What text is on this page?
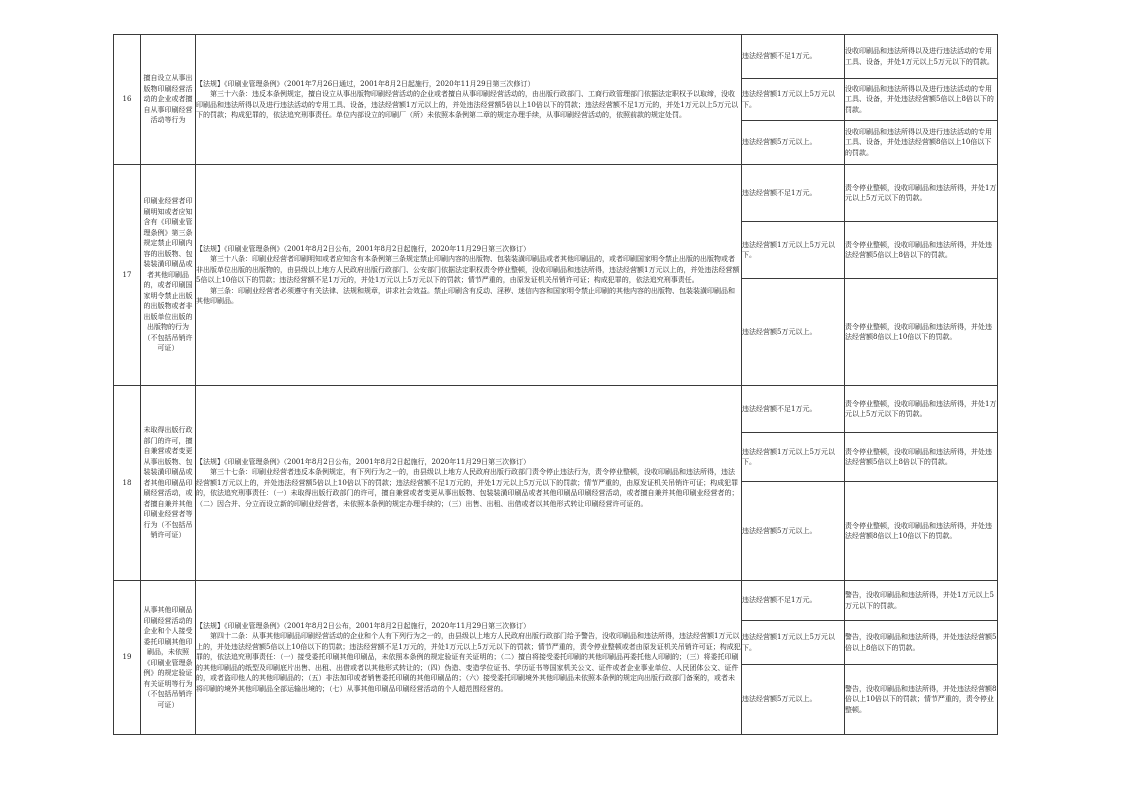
16	擅自设立从事出版物印刷经营活动的企业或者擅自从事印刷经营活动等行为	【法规】《印刷业管理条例》（2001年7月26日通过，2001年8月2日起施行，2020年11月29日第三次修订）
第三十六条：违反本条例规定，擅自设立从事出版物印刷经营活动的企业或者擅自从事印刷经营活动的，由出版行政部门、工商行政管理部门依据法定职权予以取缔，没收印刷品和违法所得以及进行违法活动的专用工具、设备，违法经营额1万元以上的，并处违法经营额5倍以上10倍以下的罚款；违法经营额不足1万元的，并处1万元以上5万元以下的罚款；构成犯罪的，依法追究刑事责任。单位内部设立的印刷厂（所）未依照本条例第二章的规定办理手续，从事印刷经营活动的，依照前款的规定处罚。	违法经营额不足1万元。	没收印刷品和违法所得以及进行违法活动的专用工具、设备，并处1万元以上5万元以下的罚款。
			违法经营额1万元以上5万元以下。	没收印刷品和违法所得以及进行违法活动的专用工具、设备，并处违法经营额5倍以上8倍以下的罚款。
			违法经营额5万元以上。	没收印刷品和违法所得以及进行违法活动的专用工具、设备，并处违法经营额8倍以上10倍以下的罚款。
17	印刷业经营者印刷明知或者应知含有《印刷业管理条例》第三条规定禁止印刷内容的出版物、包装装潢印刷品或者其他印刷品的，或者印刷国家明令禁止出版的出版物或者非出版单位出版的出版物的行为（不包括吊销许可证）	【法规】《印刷业管理条例》（2001年8月2日公布，2001年8月2日起施行，2020年11月29日第三次修订）
第三十八条：印刷业经营者印刷明知或者应知含有本条例第三条规定禁止印刷内容的出版物、包装装潢印刷品或者其他印刷品的，或者印刷国家明令禁止出版的出版物或者非出版单位出版的出版物的，由县级以上地方人民政府出版行政部门、公安部门依据法定职权责令停业整顿，没收印刷品和违法所得，违法经营额1万元以上的，并处违法经营额5倍以上10倍以下的罚款；违法经营额不足1万元的，并处1万元以上5万元以下的罚款；情节严重的，由原发证机关吊销许可证；构成犯罪的，依法追究刑事责任。
第三条：印刷业经营者必须遵守有关法律、法规和规章，讲求社会效益。禁止印刷含有反动、淫秽、迷信内容和国家明令禁止印刷的其他内容的出版物、包装装潢印刷品和其他印刷品。	违法经营额不足1万元。	责令停业整顿，没收印刷品和违法所得，并处1万元以上5万元以下的罚款。
			违法经营额1万元以上5万元以下。	责令停业整顿，没收印刷品和违法所得，并处违法经营额5倍以上8倍以下的罚款。
			违法经营额5万元以上。	责令停业整顿，没收印刷品和违法所得，并处违法经营额8倍以上10倍以下的罚款。
18	未取得出版行政部门的许可，擅自兼营或者变更从事出版物、包装装潢印刷品或者其他印刷品印刷经营活动，或者擅自兼并其他印刷业经营者等行为（不包括吊销许可证）	【法规】《印刷业管理条例》（2001年8月2日公布，2001年8月2日起施行，2020年11月29日第三次修订）
第三十七条：印刷业经营者违反本条例规定，有下列行为之一的，由县级以上地方人民政府出版行政部门责令停止违法行为，责令停业整顿，没收印刷品和违法所得，违法经营额1万元以上的，并处违法经营额5倍以上10倍以下的罚款；违法经营额不足1万元的，并处1万元以上5万元以下的罚款；情节严重的，由原发证机关吊销许可证；构成犯罪的，依法追究刑事责任：（一）未取得出版行政部门的许可，擅自兼营或者变更从事出版物、包装装潢印刷品或者其他印刷品印刷经营活动，或者擅自兼并其他印刷业经营者的；（二）因合并、分立而设立新的印刷业经营者，未依照本条例的规定办理手续的；（三）出售、出租、出借或者以其他形式转让印刷经营许可证的。	违法经营额不足1万元。	责令停业整顿，没收印刷品和违法所得，并处1万元以上5万元以下的罚款。
			违法经营额1万元以上5万元以下。	责令停业整顿，没收印刷品和违法所得，并处违法经营额5倍以上8倍以下的罚款。
			违法经营额5万元以上。	责令停业整顿，没收印刷品和违法所得，并处违法经营额8倍以上10倍以下的罚款。
19	从事其他印刷品印刷经营活动的企业和个人接受委托印刷其他印刷品，未依照《印刷业管理条例》的规定验证有关证明等行为（不包括吊销许可证）	【法规】《印刷业管理条例》（2001年8月2日公布，2001年8月2日起施行，2020年11月29日第三次修订）
第四十二条：从事其他印刷品印刷经营活动的企业和个人有下列行为之一的，由县级以上地方人民政府出版行政部门给予警告，没收印刷品和违法所得，违法经营额1万元以上的，并处违法经营额5倍以上10倍以下的罚款；违法经营额不足1万元的，并处1万元以上5万元以下的罚款；情节严重的，责令停业整顿或者由原发证机关吊销许可证；构成犯罪的，依法追究刑事责任：（一）接受委托印刷其他印刷品，未依照本条例的规定验证有关证明的；（二）擅自将接受委托印刷的其他印刷品再委托他人印刷的；（三）将委托印刷的其他印刷品的纸型及印刷底片出售、出租、出借或者以其他形式转让的；（四）伪造、变造学位证书、学历证书等国家机关公文、证件或者企业事业单位、人民团体公文、证件的，或者盗印他人的其他印刷品的；（五）非法加印或者销售委托印刷的其他印刷品的；（六）接受委托印刷境外其他印刷品未依照本条例的规定向出版行政部门备案的，或者未将印刷的境外其他印刷品全部运输出境的；（七）从事其他印刷品印刷经营活动的个人超范围经营的。	违法经营额不足1万元。	警告，没收印刷品和违法所得，并处1万元以上5万元以下的罚款。
			违法经营额1万元以上5万元以下。	警告，没收印刷品和违法所得，并处违法经营额5倍以上8倍以下的罚款。
			违法经营额5万元以上。	警告，没收印刷品和违法所得，并处违法经营额8倍以上10倍以下的罚款；情节严重的，责令停业整顿。
